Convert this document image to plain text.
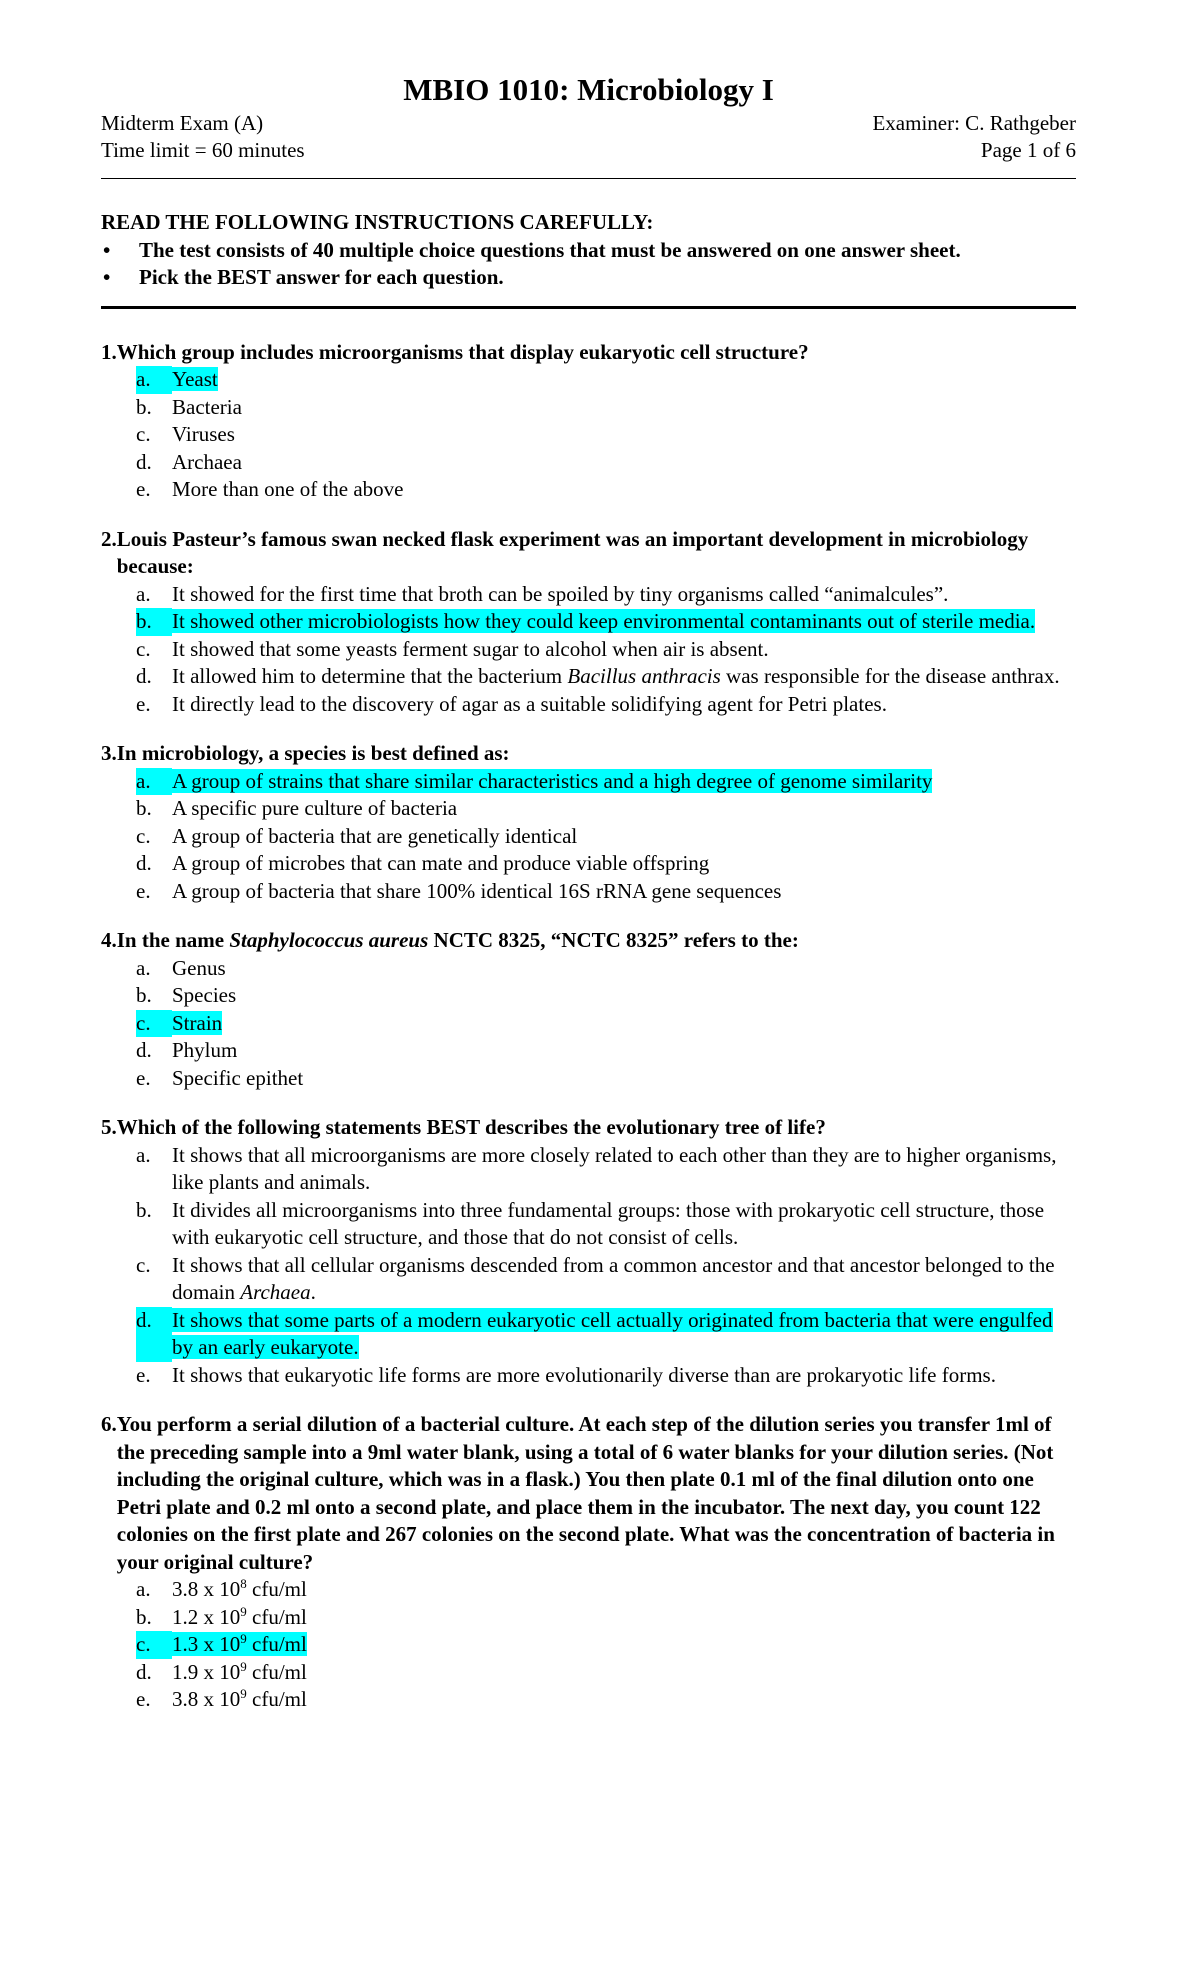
MBIO 1010: Microbiology I
Midterm Exam (A)	Examiner: C. Rathgeber
Time limit = 60 minutes	Page 1 of 6
READ THE FOLLOWING INSTRUCTIONS CAREFULLY:
•	The test consists of 40 multiple choice questions that must be answered on one answer sheet.
•	Pick the BEST answer for each question.
1. Which group includes microorganisms that display eukaryotic cell structure?
a.	Yeast
b. Bacteria
c.	Viruses
d. Archaea
e.	More than one of the above
2. Louis Pasteur’s famous swan necked flask experiment was an important development in microbiology because:
a.	It showed for the first time that broth can be spoiled by tiny organisms called “animalcules”.
b. It showed other microbiologists how they could keep environmental contaminants out of sterile media.
c.	It showed that some yeasts ferment sugar to alcohol when air is absent.
d. It allowed him to determine that the bacterium Bacillus anthracis was responsible for the disease anthrax.
e.	It directly lead to the discovery of agar as a suitable solidifying agent for Petri plates.
3. In microbiology, a species is best defined as:
a.	A group of strains that share similar characteristics and a high degree of genome similarity
b. A specific pure culture of bacteria
c.	A group of bacteria that are genetically identical
d. A group of microbes that can mate and produce viable offspring
e.	A group of bacteria that share 100% identical 16S rRNA gene sequences
4. In the name Staphylococcus aureus NCTC 8325, “NCTC 8325” refers to the:
a.	Genus
b. Species
c.	Strain
d. Phylum
e.	Specific epithet
5. Which of the following statements BEST describes the evolutionary tree of life?
a.	It shows that all microorganisms are more closely related to each other than they are to higher organisms, like plants and animals.
b. It divides all microorganisms into three fundamental groups: those with prokaryotic cell structure, those with eukaryotic cell structure, and those that do not consist of cells.
c.	It shows that all cellular organisms descended from a common ancestor and that ancestor belonged to the domain Archaea.
d. It shows that some parts of a modern eukaryotic cell actually originated from bacteria that were engulfed by an early eukaryote.
e.	It shows that eukaryotic life forms are more evolutionarily diverse than are prokaryotic life forms.
6. You perform a serial dilution of a bacterial culture. At each step of the dilution series you transfer 1ml of the preceding sample into a 9ml water blank, using a total of 6 water blanks for your dilution series. (Not including the original culture, which was in a flask.) You then plate 0.1 ml of the final dilution onto one Petri plate and 0.2 ml onto a second plate, and place them in the incubator. The next day, you count 122 colonies on the first plate and 267 colonies on the second plate. What was the concentration of bacteria in your original culture?
a.	3.8 x $10^8$ cfu/ml
b. 1.2 x $10^9$ cfu/ml
c.	1.3 x $10^9$ cfu/ml
d. 1.9 x $10^9$ cfu/ml
e.	3.8 x $10^9$ cfu/ml
